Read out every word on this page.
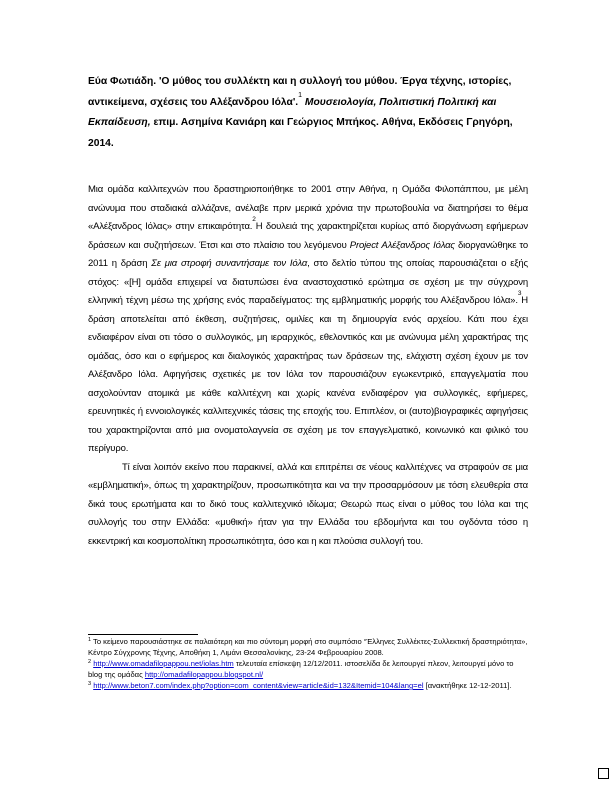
Εύα Φωτιάδη. 'Ο μύθος του συλλέκτη και η συλλογή του μύθου. Έργα τέχνης, ιστορίες, αντικείμενα, σχέσεις του Αλέξανδρου Ιόλα'.$^1$ Μουσειολογία, Πολιτιστική Πολιτική και Εκπαίδευση, επιμ. Ασημίνα Κανιάρη και Γεώργιος Μπήκος. Αθήνα, Εκδόσεις Γρηγόρη, 2014.

Μια ομάδα καλλιτεχνών που δραστηριοποιήθηκε το 2001 στην Αθήνα, η Ομάδα Φιλοπάππου, με μέλη ανώνυμα που σταδιακά αλλάζανε, ανέλαβε πριν μερικά χρόνια την πρωτοβουλία να διατηρήσει το θέμα «Αλέξανδρος Ιόλας» στην επικαιρότητα.$^2$Η δουλειά της χαρακτηρίζεται κυρίως από διοργάνωση εφήμερων δράσεων και συζητήσεων. Έτσι και στο πλαίσιο του λεγόμενου Project Αλέξανδρος Ιόλας διοργανώθηκε το 2011 η δράση Σε μια στροφή συναντήσαμε τον Ιόλα, στο δελτίο τύπου της οποίας παρουσιάζεται ο εξής στόχος: «[Η] ομάδα επιχειρεί να διατυπώσει ένα αναστοχαστικό ερώτημα σε σχέση με την σύγχρονη ελληνική τέχνη μέσω της χρήσης ενός παραδείγματος: της εμβληματικής μορφής του Αλέξανδρου Ιόλα».$^3$Η δράση αποτελείται από έκθεση, συζητήσεις, ομιλίες και τη δημιουργία ενός αρχείου. Κάτι που έχει ενδιαφέρον είναι οτι τόσο ο συλλογικός, μη ιεραρχικός, εθελοντικός και με ανώνυμα μέλη χαρακτήρας της ομάδας, όσο και ο εφήμερος και διαλογικός χαρακτήρας των δράσεων της, ελάχιστη σχέση έχουν με τον Αλέξανδρο Ιόλα. Αφηγήσεις σχετικές με τον Ιόλα τον παρουσιάζουν εγωκεντρικό, επαγγελματία που ασχολούνταν ατομικά με κάθε καλλιτέχνη και χωρίς κανένα ενδιαφέρον για συλλογικές, εφήμερες, ερευνητικές ή εννοιολογικές καλλιτεχνικές τάσεις της εποχής του. Επιπλέον, οι (αυτο)βιογραφικές αφηγήσεις του χαρακτηρίζονται από μια ονοματολαγνεία σε σχέση με τον επαγγελματικό, κοινωνικό και φιλικό του περίγυρο.

Τί είναι λοιπόν εκείνο που παρακινεί, αλλά και επιτρέπει σε νέους καλλιτέχνες να στραφούν σε μια «εμβληματική», όπως τη χαρακτηρίζουν, προσωπικότητα και να την προσαρμόσουν με τόση ελευθερία στα δικά τους ερωτήματα και το δικό τους καλλιτεχνικό ιδίωμα; Θεωρώ πως είναι ο μύθος του Ιόλα και της συλλογής του στην Ελλάδα: «μυθική» ήταν για την Ελλάδα του εβδομήντα και του ογδόντα τόσο η εκκεντρική και κοσμοπολίτικη προσωπικότητα, όσο και η και πλούσια συλλογή του.

$^1$ Το κείμενο παρουσιάστηκε σε παλαιότερη και πιο σύντομη μορφή στο συμπόσιο “Έλληνες Συλλέκτες-Συλλεκτική δραστηριότητα», Κέντρο Σύγχρονης Τέχνης, Αποθήκη 1, Λιμάνι Θεσσαλονίκης, 23-24 Φεβρουαρίου 2008.
$^2$ http://www.omadafilopappou.net/iolas.htm τελευταία επίσκεψη 12/12/2011. ιστοσελίδα δε λειτουργεί πλεον, λειτουργεί μόνο το blog της ομάδας http://omadafilopappou.blogspot.nl/
$^3$ http://www.beton7.com/index.php?option=com_content&view=article&id=132&Itemid=104&lang=el [ανακτήθηκε 12-12-2011].
